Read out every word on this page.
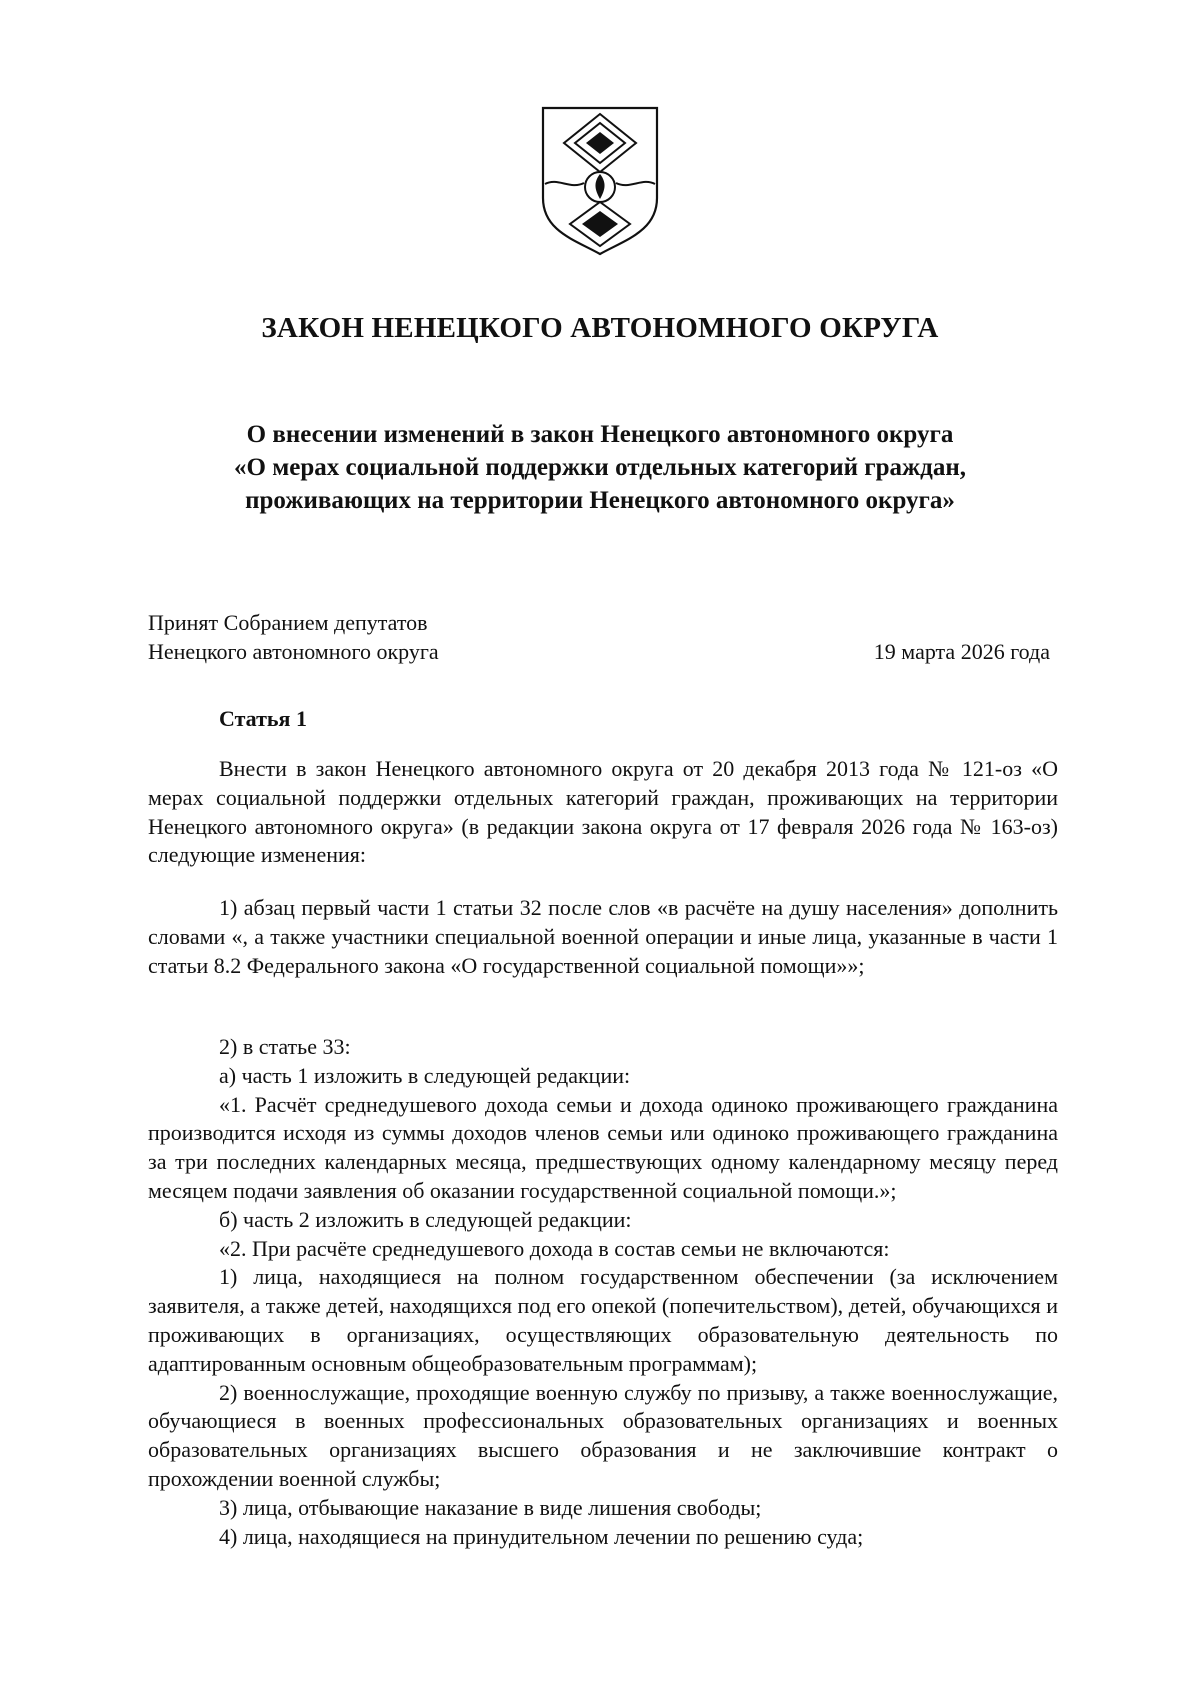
ЗАКОН НЕНЕЦКОГО АВТОНОМНОГО ОКРУГА
О внесении изменений в закон Ненецкого автономного округа
«О мерах социальной поддержки отдельных категорий граждан,
проживающих на территории Ненецкого автономного округа»
Принят Собранием депутатов
Ненецкого автономного округа	19 марта 2026 года
Статья 1

Внести в закон Ненецкого автономного округа от 20 декабря 2013 года № 121-оз «О мерах социальной поддержки отдельных категорий граждан, проживающих на территории Ненецкого автономного округа» (в редакции закона округа от 17 февраля 2026 года № 163-оз) следующие изменения:

1) абзац первый части 1 статьи 32 после слов «в расчёте на душу населения» дополнить словами «, а также участники специальной военной операции и иные лица, указанные в части 1 статьи 8.2 Федерального закона «О государственной социальной помощи»»;

2) в статье 33:

а) часть 1 изложить в следующей редакции:

«1. Расчёт среднедушевого дохода семьи и дохода одиноко проживающего гражданина производится исходя из суммы доходов членов семьи или одиноко проживающего гражданина за три последних календарных месяца, предшествующих одному календарному месяцу перед месяцем подачи заявления об оказании государственной социальной помощи.»;

б) часть 2 изложить в следующей редакции:

«2. При расчёте среднедушевого дохода в состав семьи не включаются:

1) лица, находящиеся на полном государственном обеспечении (за исключением заявителя, а также детей, находящихся под его опекой (попечительством), детей, обучающихся и проживающих в организациях, осуществляющих образовательную деятельность по адаптированным основным общеобразовательным программам);

2) военнослужащие, проходящие военную службу по призыву, а также военнослужащие, обучающиеся в военных профессиональных образовательных организациях и военных образовательных организациях высшего образования и не заключившие контракт о прохождении военной службы;

3) лица, отбывающие наказание в виде лишения свободы;

4) лица, находящиеся на принудительном лечении по решению суда;
